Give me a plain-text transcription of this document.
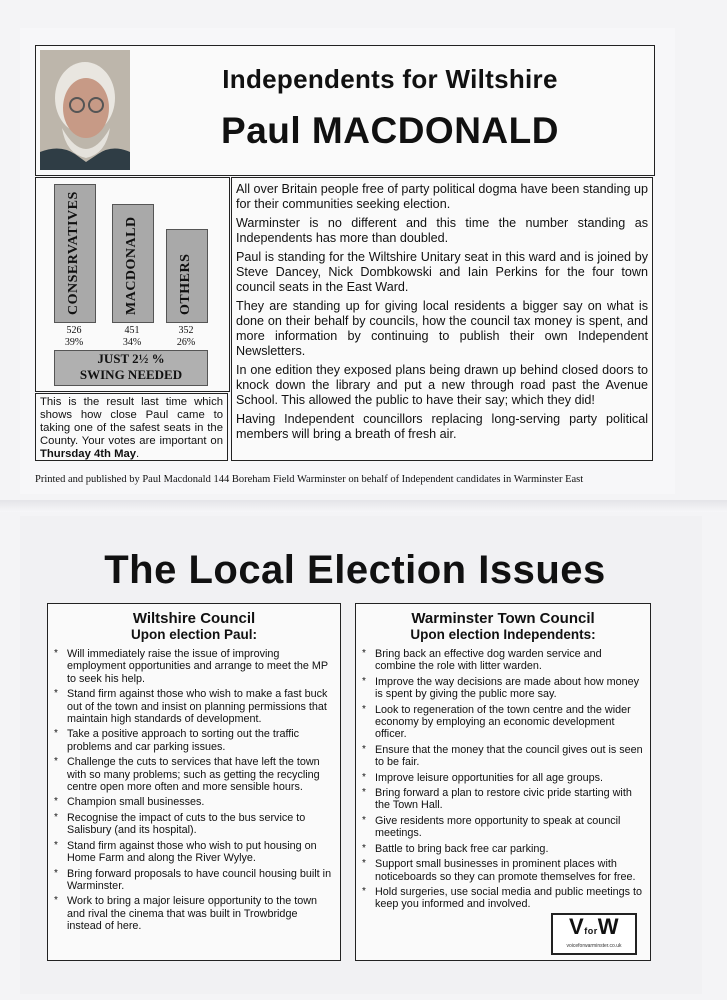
Independents for Wiltshire
Paul MACDONALD
JUST 2½ %
SWING NEEDED
CONSERVATIVES
526
39%
MACDONALD
451
34%
OTHERS
352
26%
This is the result last time which shows how close Paul came to taking one of the safest seats in the County. Your votes are important on Thursday 4th May.

All over Britain people free of party political dogma have been standing up for their communities seeking election.

Warminster is no different and this time the number standing as Independents has more than doubled.

Paul is standing for the Wiltshire Unitary seat in this ward and is joined by Steve Dancey, Nick Dombkowski and Iain Perkins for the four town council seats in the East Ward.

They are standing up for giving local residents a bigger say on what is done on their behalf by councils, how the council tax money is spent, and more information by continuing to publish their own Independent Newsletters.

In one edition they exposed plans being drawn up behind closed doors to knock down the library and put a new through road past the Avenue School. This allowed the public to have their say; which they did!

Having Independent councillors replacing long-serving party political members will bring a breath of fresh air.

Printed and published by Paul Macdonald 144 Boreham Field Warminster on behalf of Independent candidates in Warminster East
The Local Election Issues
Wiltshire Council
Upon election Paul:
* Will immediately raise the issue of improving employment opportunities and arrange to meet the MP to seek his help.
* Stand firm against those who wish to make a fast buck out of the town and insist on planning permissions that maintain high standards of development.
* Take a positive approach to sorting out the traffic problems and car parking issues.
* Challenge the cuts to services that have left the town with so many problems; such as getting the recycling centre open more often and more sensible hours.
* Champion small businesses.
* Recognise the impact of cuts to the bus service to Salisbury (and its hospital).
* Stand firm against those who wish to put housing on Home Farm and along the River Wylye.
* Bring forward proposals to have council housing built in Warminster.
* Work to bring a major leisure opportunity to the town and rival the cinema that was built in Trowbridge instead of here.
Warminster Town Council
Upon election Independents:
* Bring back an effective dog warden service and combine the role with litter warden.
* Improve the way decisions are made about how money is spent by giving the public more say.
* Look to regeneration of the town centre and the wider economy by employing an economic development officer.
* Ensure that the money that the council gives out is seen to be fair.
* Improve leisure opportunities for all age groups.
* Bring forward a plan to restore civic pride starting with the Town Hall.
* Give residents more opportunity to speak at council meetings.
* Battle to bring back free car parking.
* Support small businesses in prominent places with noticeboards so they can promote themselves for free.
* Hold surgeries, use social media and public meetings to keep you informed and involved.
VforW
voiceforwarminster.co.uk
